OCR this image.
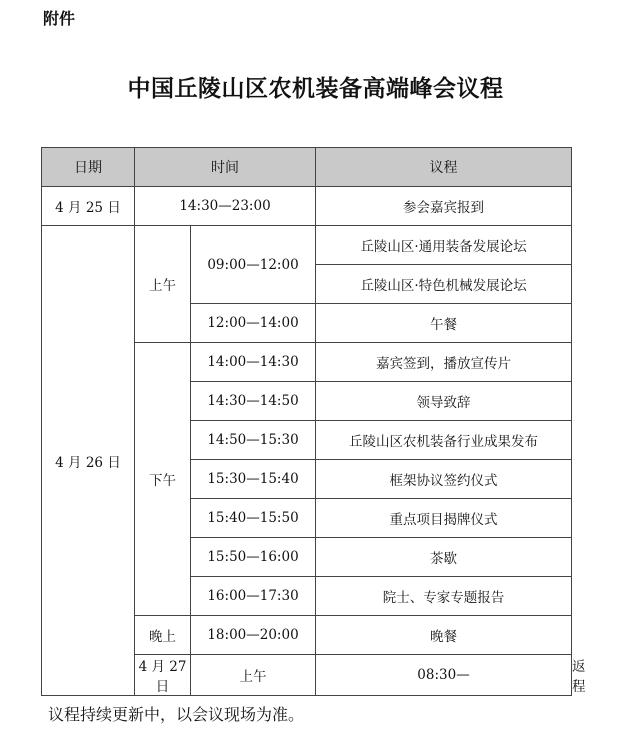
附件
中国丘陵山区农机装备高端峰会议程
日期	时间		议程	
4 月 25 日	14:30—23:00		参会嘉宾报到	
4 月 26 日	上午	09:00—12:00	丘陵山区·通用装备发展论坛	
			丘陵山区·特色机械发展论坛	
		12:00—14:00	午餐	
	下午	14:00—14:30	嘉宾签到，播放宣传片	
		14:30—14:50	领导致辞	
		14:50—15:30	丘陵山区农机装备行业成果发布	
		15:30—15:40	框架协议签约仪式	
		15:40—15:50	重点项目揭牌仪式	
		15:50—16:00	茶歇	
		16:00—17:30	院士、专家专题报告	
	晚上	18:00—20:00	晚餐	
	4 月 27 日	上午	08:30—	返程
议程持续更新中，以会议现场为准。
